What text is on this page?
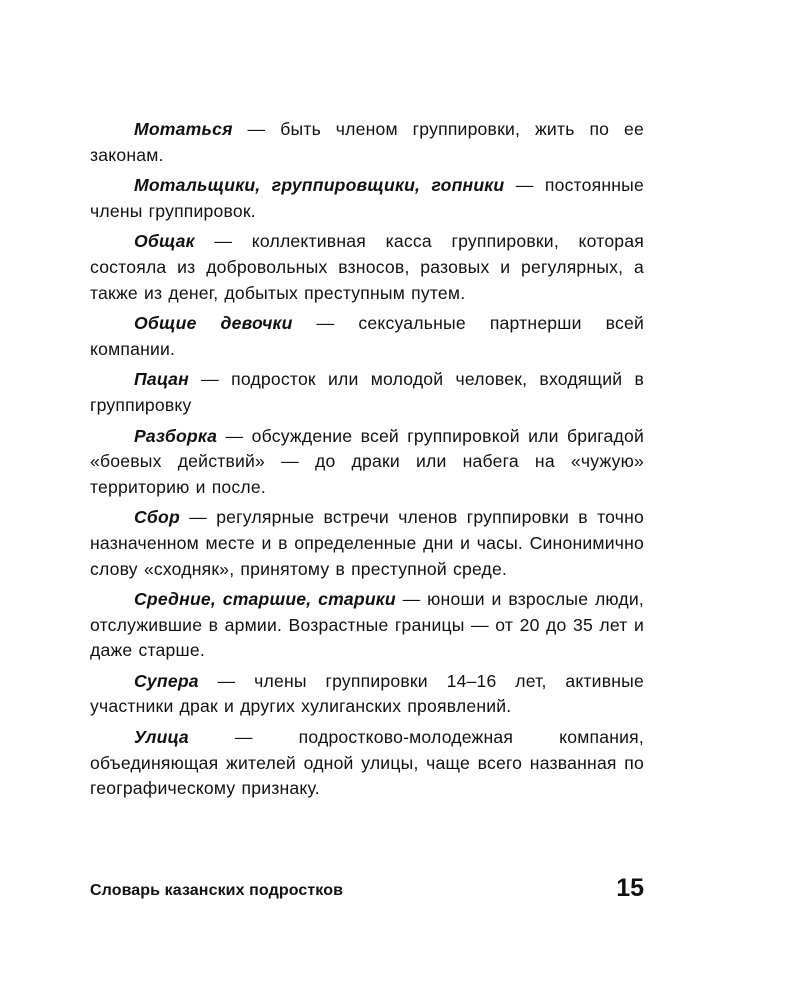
Мотаться — быть членом группировки, жить по ее законам.

Мотальщики, группировщики, гопники — постоянные члены группировок.

Общак — коллективная касса группировки, которая состояла из добровольных взносов, разовых и регулярных, а также из денег, добытых преступным путем.

Общие девочки — сексуальные партнерши всей компании.

Пацан — подросток или молодой человек, входящий в группировку

Разборка — обсуждение всей группировкой или бригадой «боевых действий» — до драки или набега на «чужую» территорию и после.

Сбор — регулярные встречи членов группировки в точно назначенном месте и в определенные дни и часы. Синонимично слову «сходняк», принятому в преступной среде.

Средние, старшие, старики — юноши и взрослые люди, отслужившие в армии. Возрастные границы — от 20 до 35 лет и даже старше.

Супера — члены группировки 14–16 лет, активные участники драк и других хулиганских проявлений.

Улица — подростково-молодежная компания, объединяющая жителей одной улицы, чаще всего названная по географическому признаку.

Словарь казанских подростков	15
